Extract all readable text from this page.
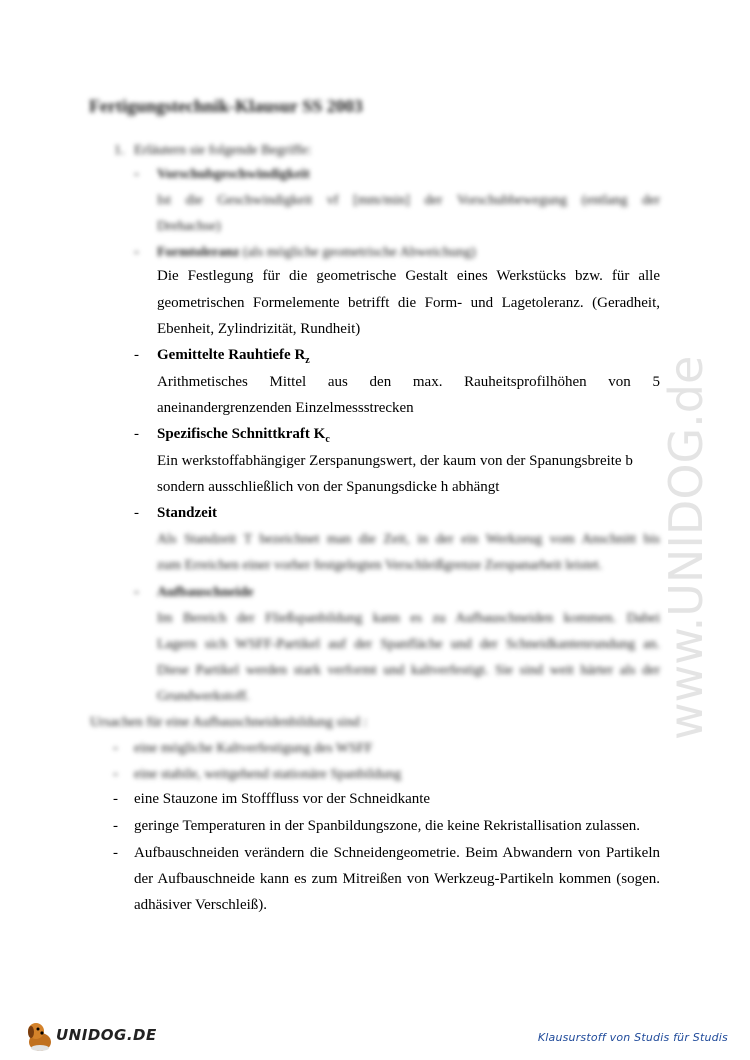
Fertigungstechnik-Klausur SS 2003
1. Erläutern sie folgende Begriffe:
- Vorschubgeschwindigkeit
Ist die Geschwindigkeit vf [mm/min] der Vorschubbewegung (entlang der
Drehachse)
- Formtoleranz (als mögliche geometrische Abweichung)
Die Festlegung für die geometrische Gestalt eines Werkstücks bzw. für alle
geometrischen Formelemente betrifft die Form- und Lagetoleranz. (Geradheit,
Ebenheit, Zylindrizität, Rundheit)
- Gemittelte Rauhtiefe $R_z$
Arithmetisches Mittel aus den max. Rauheitsprofilhöhen von 5
aneinandergrenzenden Einzelmessstrecken
- Spezifische Schnittkraft $K_c$
Ein werkstoffabhängiger Zerspanungswert, der kaum von der Spanungsbreite b
sondern ausschließlich von der Spanungsdicke h abhängt
- Standzeit
Als Standzeit T bezeichnet man die Zeit, in der ein Werkzeug vom Anschnitt bis
zum Erreichen einer vorher festgelegten Verschleißgrenze Zerspanarbeit leistet.
- Aufbauschneide
Im Bereich der Fließspanbildung kann es zu Aufbauschneiden kommen. Dabei
Lagern sich WSFF-Partikel auf der Spanfläche und der Schneidkantenrundung an.
Diese Partikel werden stark verformt und kaltverfestigt. Sie sind weit härter als der
Grundwerkstoff.
Ursachen für eine Aufbauschneidenbildung sind :
- eine mögliche Kaltverfestigung des WSFF
- eine stabile, weitgehend stationäre Spanbildung
- eine Stauzone im Stofffluss vor der Schneidkante
- geringe Temperaturen in der Spanbildungszone, die keine Rekristallisation zulassen.
- Aufbauschneiden verändern die Schneidengeometrie. Beim Abwandern von Partikeln
der Aufbauschneide kann es zum Mitreißen von Werkzeug-Partikeln kommen (sogen.
adhäsiver Verschleiß).
www.UNIDOG.de
UNIDOG.DE	Klausurstoff von Studis für Studis
